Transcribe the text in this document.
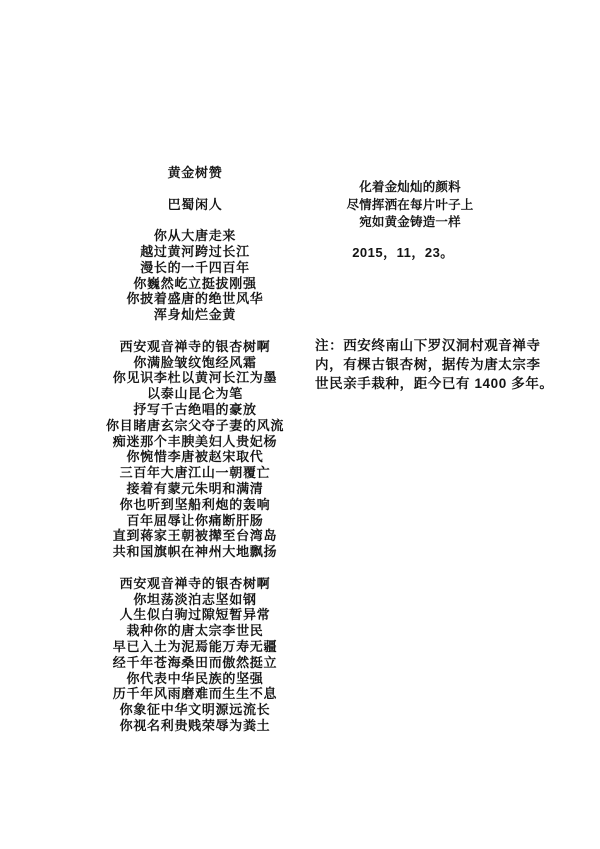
黄金树赞
巴蜀闲人
你从大唐走来
越过黄河跨过长江
漫长的一千四百年
你巍然屹立挺拔刚强
你披着盛唐的绝世风华
浑身灿烂金黄
西安观音禅寺的银杏树啊
你满脸皱纹饱经风霜
你见识李杜以黄河长江为墨
以泰山昆仑为笔
抒写千古绝唱的豪放
你目睹唐玄宗父夺子妻的风流
痴迷那个丰腴美妇人贵妃杨
你惋惜李唐被赵宋取代
三百年大唐江山一朝覆亡
接着有蒙元朱明和满清
你也听到坚船利炮的轰响
百年屈辱让你痛断肝肠
直到蒋家王朝被撵至台湾岛
共和国旗帜在神州大地飘扬
西安观音禅寺的银杏树啊
你坦荡淡泊志坚如钢
人生似白驹过隙短暂异常
栽种你的唐太宗李世民
早已入土为泥焉能万寿无疆
经千年苍海桑田而傲然挺立
你代表中华民族的坚强
历千年风雨磨难而生生不息
你象征中华文明源远流长
你视名利贵贱荣辱为粪土
化着金灿灿的颜料
尽情挥洒在每片叶子上
宛如黄金铸造一样
2015，11，23。
注：西安终南山下罗汉洞村观音禅寺
内，有棵古银杏树，据传为唐太宗李
世民亲手栽种，距今已有 1400 多年。
